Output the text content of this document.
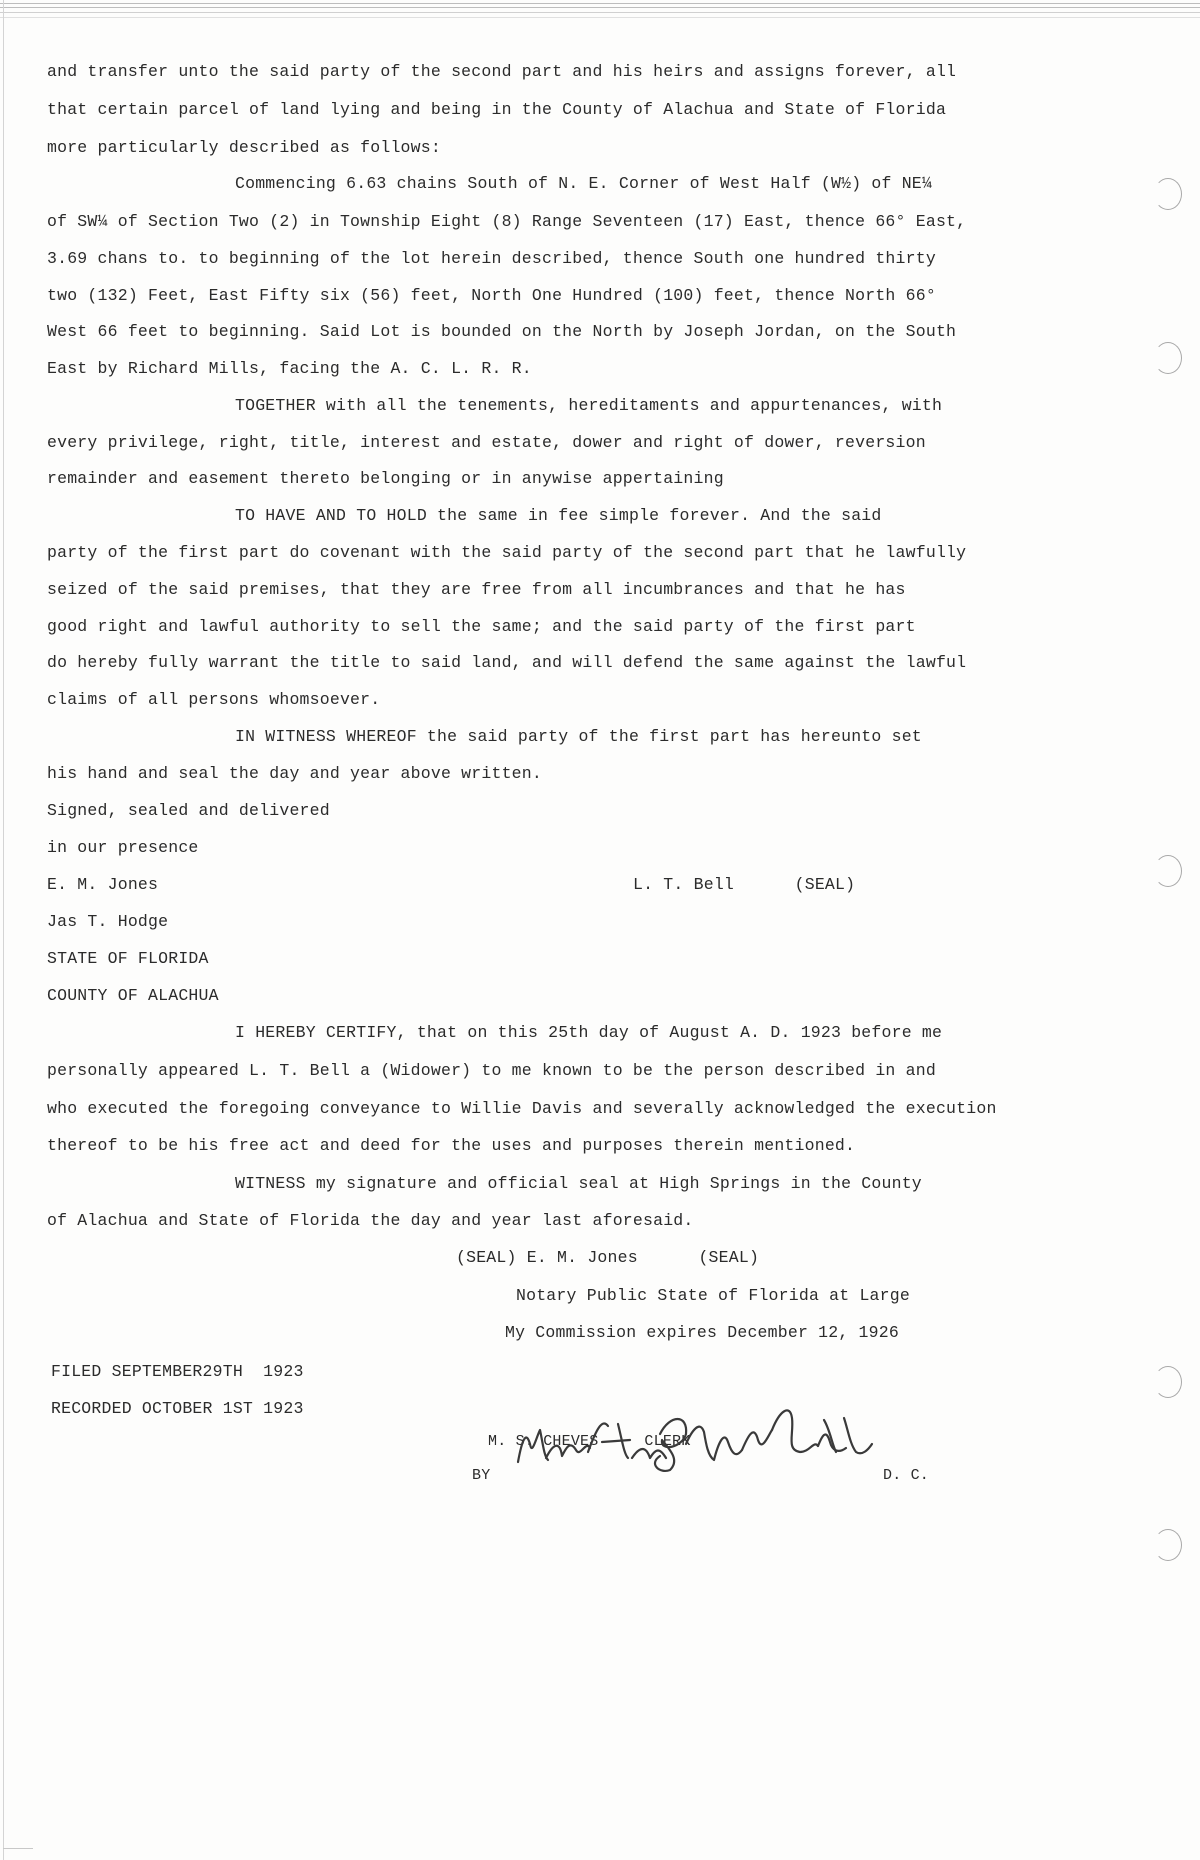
and transfer unto the said party of the second part and his heirs and assigns forever, all
that certain parcel of land lying and being in the County of Alachua and State of Florida
more particularly described as follows:
Commencing 6.63 chains South of N. E. Corner of West Half (W½) of NE¼
of SW¼ of Section Two (2) in Township Eight (8) Range Seventeen (17) East, thence 66° East,
3.69 chans to. to beginning of the lot herein described, thence South one hundred thirty
two (132) Feet, East Fifty six (56) feet, North One Hundred (100) feet, thence North 66°
West 66 feet to beginning. Said Lot is bounded on the North by Joseph Jordan, on the South
East by Richard Mills, facing the A. C. L. R. R.
TOGETHER with all the tenements, hereditaments and appurtenances, with
every privilege, right, title, interest and estate, dower and right of dower, reversion
remainder and easement thereto belonging or in anywise appertaining
TO HAVE AND TO HOLD the same in fee simple forever. And the said
party of the first part do covenant with the said party of the second part that he lawfully
seized of the said premises, that they are free from all incumbrances and that he has
good right and lawful authority to sell the same; and the said party of the first part
do hereby fully warrant the title to said land, and will defend the same against the lawful
claims of all persons whomsoever.
IN WITNESS WHEREOF the said party of the first part has hereunto set
his hand and seal the day and year above written.
Signed, sealed and delivered
in our presence
E. M. Jones	L. T. Bell      (SEAL)
Jas T. Hodge
STATE OF FLORIDA
COUNTY OF ALACHUA
I HEREBY CERTIFY, that on this 25th day of August A. D. 1923 before me
personally appeared L. T. Bell a (Widower) to me known to be the person described in and
who executed the foregoing conveyance to Willie Davis and severally acknowledged the execution
thereof to be his free act and deed for the uses and purposes therein mentioned.
WITNESS my signature and official seal at High Springs in the County
of Alachua and State of Florida the day and year last aforesaid.
(SEAL) E. M. Jones      (SEAL)
Notary Public State of Florida at Large
My Commission expires December 12, 1926
FILED SEPTEMBER29TH  1923
RECORDED OCTOBER 1ST 1923
M. S. CHEVES     CLERK
BY	D. C.
